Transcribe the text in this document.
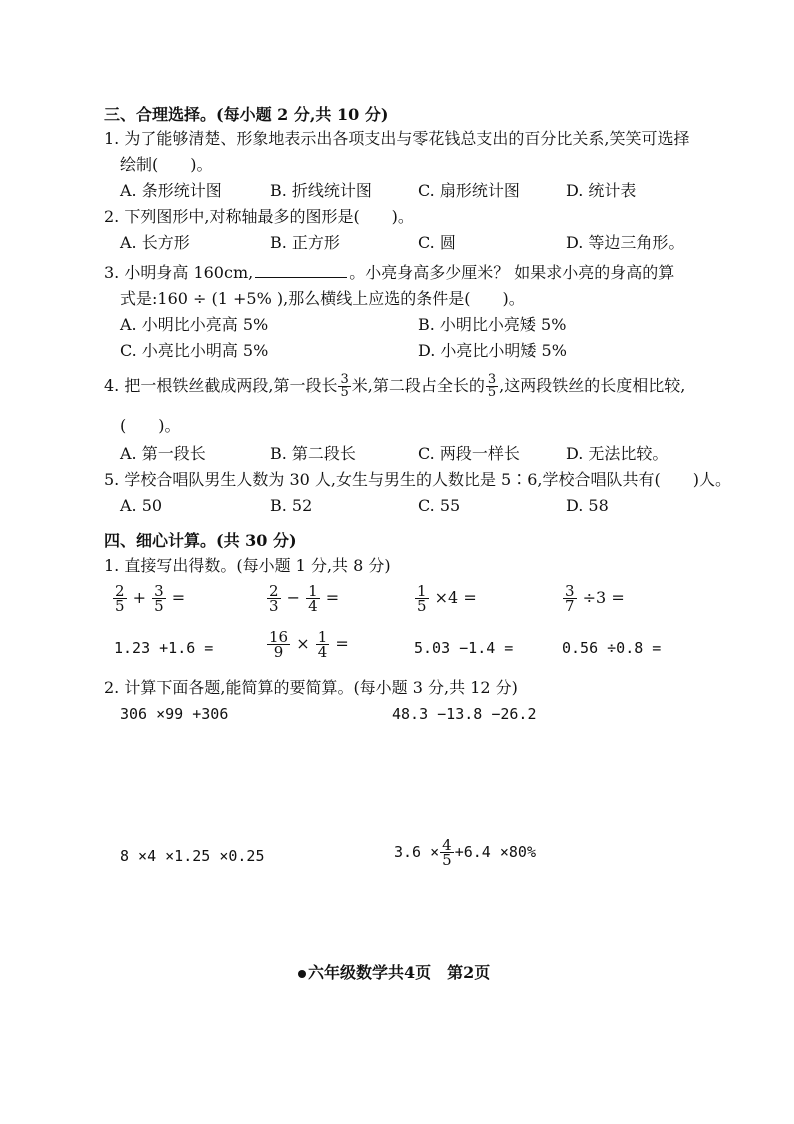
三、合理选择。(每小题 2 分,共 10 分)
1. 为了能够清楚、形象地表示出各项支出与零花钱总支出的百分比关系,笑笑可选择
绘制(　　)。
A. 条形统计图	B. 折线统计图	C. 扇形统计图	D. 统计表
2. 下列图形中,对称轴最多的图形是(　　)。
A. 长方形	B. 正方形	C. 圆	D. 等边三角形。
3. 小明身高 160cm,	。小亮身高多少厘米？ 如果求小亮的身高的算
式是:160 ÷ (1 +5% ),那么横线上应选的条件是(　　)。
A. 小明比小亮高 5%	B. 小明比小亮矮 5%
C. 小亮比小明高 5%	D. 小亮比小明矮 5%
4. 把一根铁丝截成两段,第一段长 $\frac{3}{5}$ 米,第二段占全长的 $\frac{3}{5}$ ,这两段铁丝的长度相比较,
(　　)。
A. 第一段长	B. 第二段长	C. 两段一样长	D. 无法比较。
5. 学校合唱队男生人数为 30 人,女生与男生的人数比是 5∶6,学校合唱队共有(　　)人。
A. 50	B. 52	C. 55	D. 58
四、细心计算。(共 30 分)
1. 直接写出得数。(每小题 1 分,共 8 分)
$\frac{2}{5} + \frac{3}{5}$ =	$\frac{2}{3} - \frac{1}{4}$ =	$\frac{1}{5} \times 4$ =	$\frac{3}{7} \div 3$ =
1.23 +1.6 =	$\frac{16}{9} \times \frac{1}{4}$ =	5.03 −1.4 =	0.56 ÷0.8 =
2. 计算下面各题,能简算的要简算。(每小题 3 分,共 12 分)
306 ×99 +306	48.3 −13.8 −26.2
8 ×4 ×1.25 ×0.25	$3.6 \times \frac{4}{5} +6.4 \times 80\%$
六年级数学共4页　第2页
